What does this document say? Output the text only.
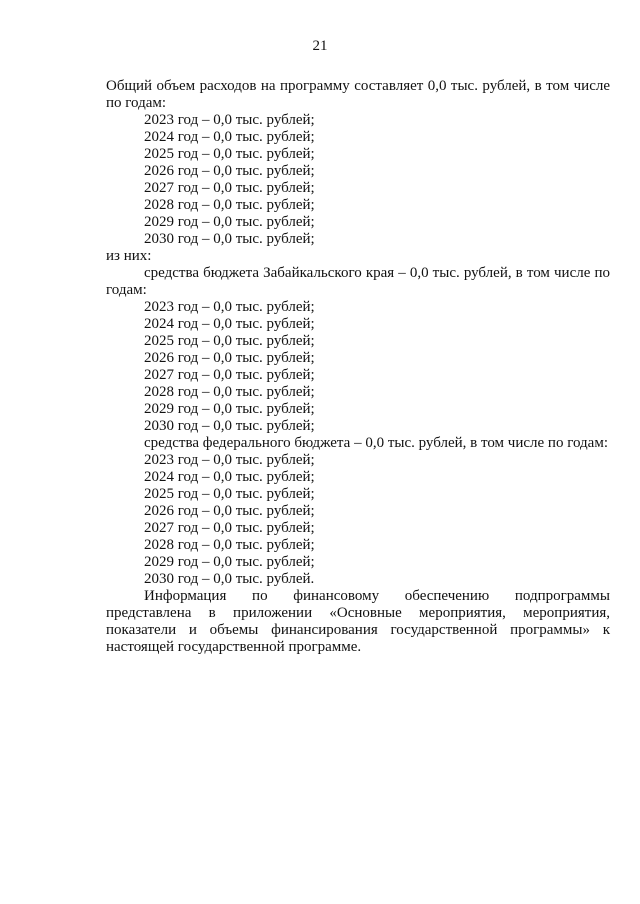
21

Общий объем расходов на программу составляет 0,0 тыс. рублей, в том числе по годам:

2023 год – 0,0 тыс. рублей;
2024 год – 0,0 тыс. рублей;
2025 год – 0,0 тыс. рублей;
2026 год – 0,0 тыс. рублей;
2027 год – 0,0 тыс. рублей;
2028 год – 0,0 тыс. рублей;
2029 год – 0,0 тыс. рублей;
2030 год – 0,0 тыс. рублей;

из них:

средства бюджета Забайкальского края – 0,0 тыс. рублей, в том числе по годам:

2023 год – 0,0 тыс. рублей;
2024 год – 0,0 тыс. рублей;
2025 год – 0,0 тыс. рублей;
2026 год – 0,0 тыс. рублей;
2027 год – 0,0 тыс. рублей;
2028 год – 0,0 тыс. рублей;
2029 год – 0,0 тыс. рублей;
2030 год – 0,0 тыс. рублей;

средства федерального бюджета – 0,0 тыс. рублей, в том числе по годам:

2023 год – 0,0 тыс. рублей;
2024 год – 0,0 тыс. рублей;
2025 год – 0,0 тыс. рублей;
2026 год – 0,0 тыс. рублей;
2027 год – 0,0 тыс. рублей;
2028 год – 0,0 тыс. рублей;
2029 год – 0,0 тыс. рублей;
2030 год – 0,0 тыс. рублей.

Информация по финансовому обеспечению подпрограммы представлена в приложении «Основные мероприятия, мероприятия, показатели и объемы финансирования государственной программы» к настоящей государственной программе.
